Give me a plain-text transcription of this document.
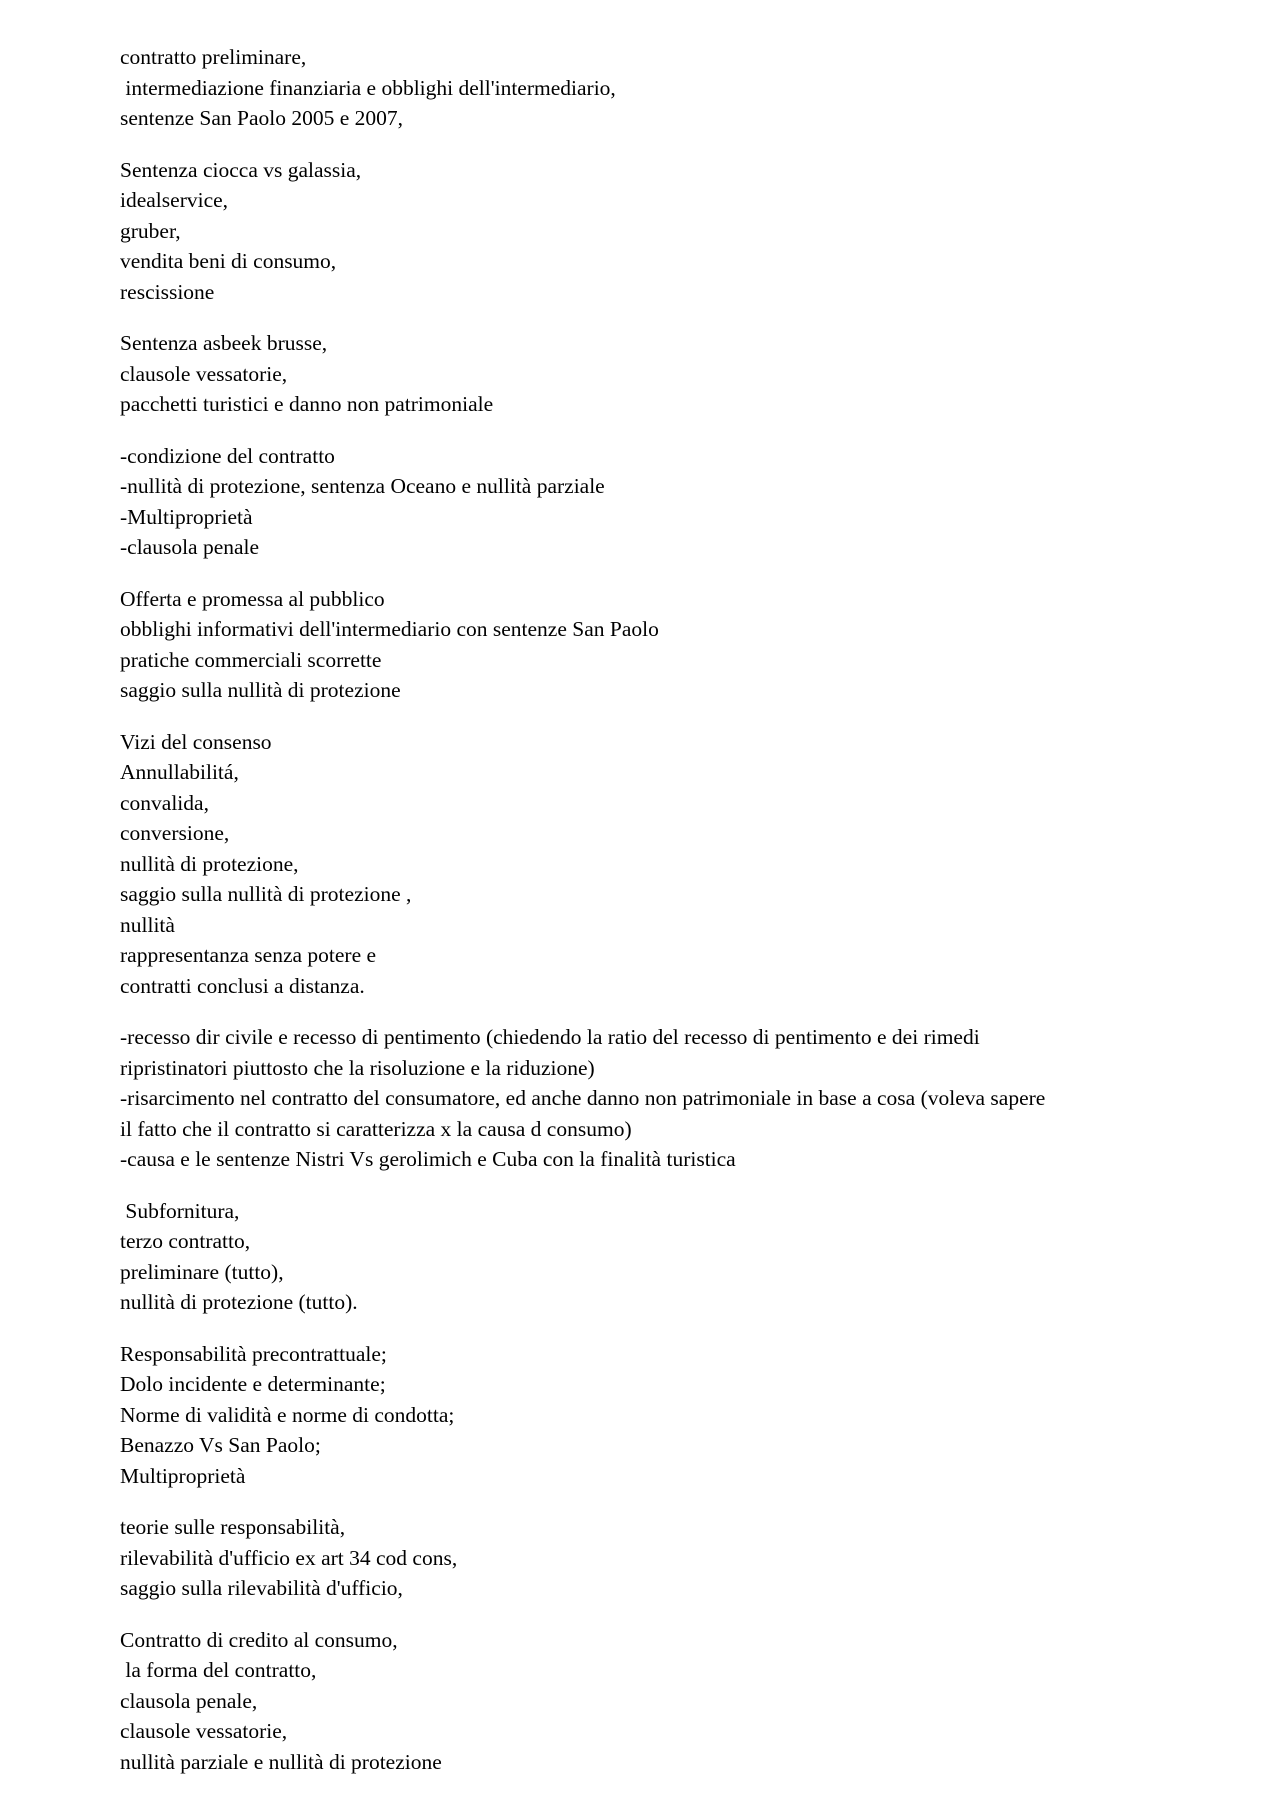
contratto preliminare,
intermediazione finanziaria e obblighi dell'intermediario,
sentenze San Paolo 2005 e 2007,
Sentenza ciocca vs galassia,
idealservice,
gruber,
vendita beni di consumo,
rescissione
Sentenza asbeek brusse,
clausole vessatorie,
pacchetti turistici e danno non patrimoniale
-condizione del contratto
-nullità di protezione, sentenza Oceano e nullità parziale
-Multiproprietà
-clausola penale
Offerta e promessa al pubblico
obblighi informativi dell'intermediario con sentenze San Paolo
pratiche commerciali scorrette
saggio sulla nullità di protezione
Vizi del consenso
Annullabilitá,
convalida,
conversione,
nullità di protezione,
saggio sulla nullità di protezione ,
nullità
rappresentanza senza potere e
contratti conclusi a distanza.
-recesso dir civile e recesso di pentimento (chiedendo la ratio del recesso di pentimento e dei rimedi
ripristinatori piuttosto che la risoluzione e la riduzione)
-risarcimento nel contratto del consumatore, ed anche danno non patrimoniale in base a cosa (voleva sapere
il fatto che il contratto si caratterizza x la causa d consumo)
-causa e le sentenze Nistri Vs gerolimich e Cuba con la finalità turistica
Subfornitura,
terzo contratto,
preliminare (tutto),
nullità di protezione (tutto).
Responsabilità precontrattuale;
Dolo incidente e determinante;
Norme di validità e norme di condotta;
Benazzo Vs San Paolo;
Multiproprietà
teorie sulle responsabilità,
rilevabilità d'ufficio ex art 34 cod cons,
saggio sulla rilevabilità d'ufficio,
Contratto di credito al consumo,
la forma del contratto,
clausola penale,
clausole vessatorie,
nullità parziale e nullità di protezione
